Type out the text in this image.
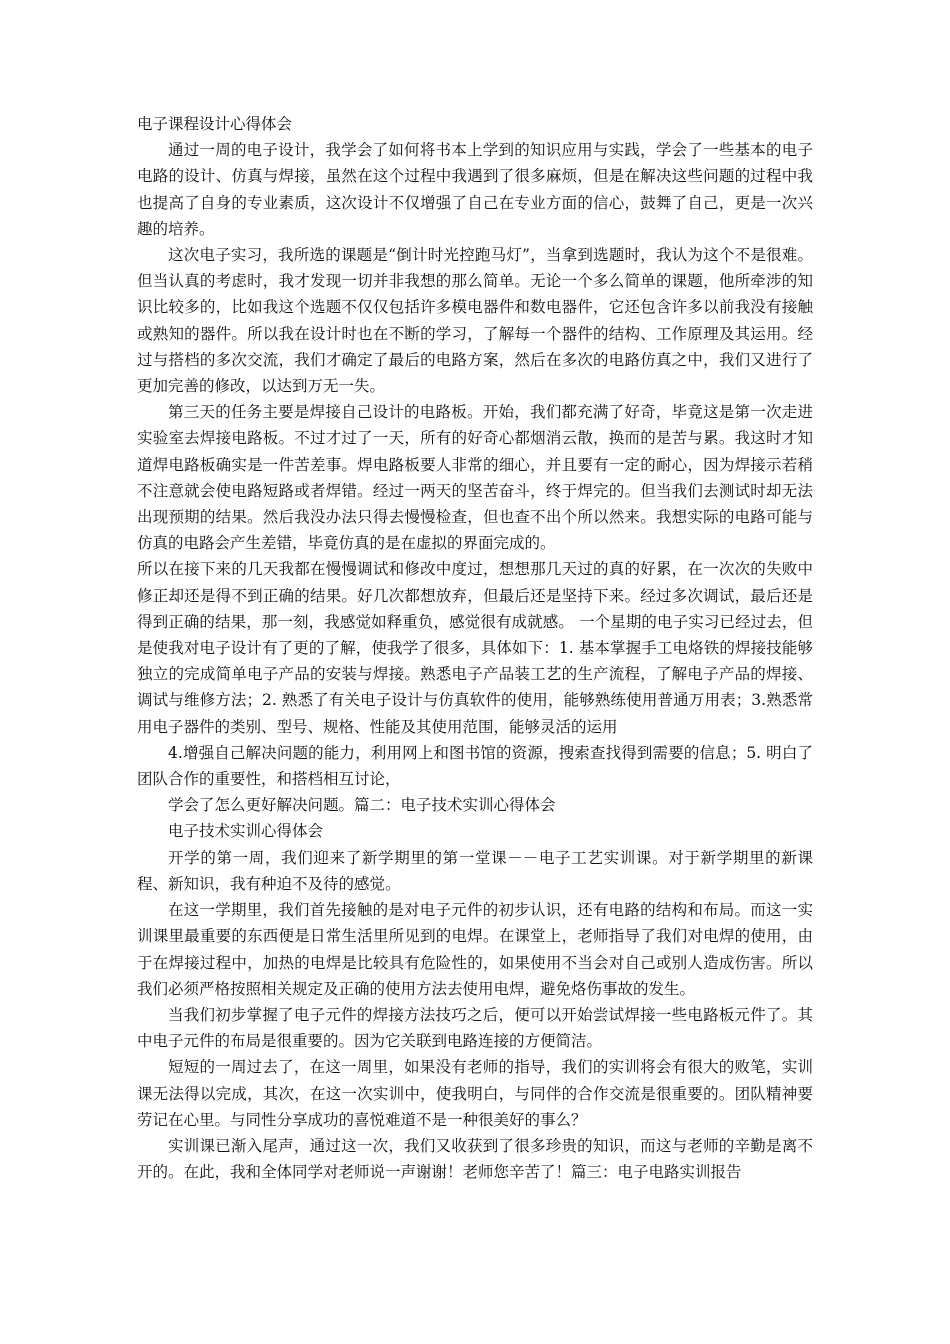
电子课程设计心得体会

通过一周的电子设计，我学会了如何将书本上学到的知识应用与实践，学会了一些基本的电子电路的设计、仿真与焊接，虽然在这个过程中我遇到了很多麻烦，但是在解决这些问题的过程中我也提高了自身的专业素质，这次设计不仅增强了自己在专业方面的信心，鼓舞了自己，更是一次兴趣的培养。

这次电子实习，我所选的课题是“倒计时光控跑马灯”，当拿到选题时，我认为这个不是很难。但当认真的考虑时，我才发现一切并非我想的那么简单。无论一个多么简单的课题，他所牵涉的知识比较多的，比如我这个选题不仅仅包括许多模电器件和数电器件，它还包含许多以前我没有接触或熟知的器件。所以我在设计时也在不断的学习，了解每一个器件的结构、工作原理及其运用。经过与搭档的多次交流，我们才确定了最后的电路方案，然后在多次的电路仿真之中，我们又进行了更加完善的修改，以达到万无一失。

第三天的任务主要是焊接自己设计的电路板。开始，我们都充满了好奇，毕竟这是第一次走进实验室去焊接电路板。不过才过了一天，所有的好奇心都烟消云散，换而的是苦与累。我这时才知道焊电路板确实是一件苦差事。焊电路板要人非常的细心，并且要有一定的耐心，因为焊接示若稍不注意就会使电路短路或者焊错。经过一两天的坚苦奋斗，终于焊完的。但当我们去测试时却无法出现预期的结果。然后我没办法只得去慢慢检查，但也查不出个所以然来。我想实际的电路可能与仿真的电路会产生差错，毕竟仿真的是在虚拟的界面完成的。

所以在接下来的几天我都在慢慢调试和修改中度过，想想那几天过的真的好累，在一次次的失败中修正却还是得不到正确的结果。好几次都想放弃，但最后还是坚持下来。经过多次调试，最后还是得到正确的结果，那一刻，我感觉如释重负，感觉很有成就感。 一个星期的电子实习已经过去，但是使我对电子设计有了更的了解，使我学了很多，具体如下：1. 基本掌握手工电烙铁的焊接技能够独立的完成简单电子产品的安装与焊接。熟悉电子产品装工艺的生产流程，了解电子产品的焊接、调试与维修方法；2. 熟悉了有关电子设计与仿真软件的使用，能够熟练使用普通万用表；3.熟悉常用电子器件的类别、型号、规格、性能及其使用范围，能够灵活的运用

4.增强自己解决问题的能力，利用网上和图书馆的资源，搜索查找得到需要的信息；5. 明白了团队合作的重要性，和搭档相互讨论，

学会了怎么更好解决问题。篇二：电子技术实训心得体会

电子技术实训心得体会

开学的第一周，我们迎来了新学期里的第一堂课－－电子工艺实训课。对于新学期里的新课程、新知识，我有种迫不及待的感觉。

在这一学期里，我们首先接触的是对电子元件的初步认识，还有电路的结构和布局。而这一实训课里最重要的东西便是日常生活里所见到的电焊。在课堂上，老师指导了我们对电焊的使用，由于在焊接过程中，加热的电焊是比较具有危险性的，如果使用不当会对自己或别人造成伤害。所以我们必须严格按照相关规定及正确的使用方法去使用电焊，避免烙伤事故的发生。

当我们初步掌握了电子元件的焊接方法技巧之后，便可以开始尝试焊接一些电路板元件了。其中电子元件的布局是很重要的。因为它关联到电路连接的方便简洁。

短短的一周过去了，在这一周里，如果没有老师的指导，我们的实训将会有很大的败笔，实训课无法得以完成，其次，在这一次实训中，使我明白，与同伴的合作交流是很重要的。团队精神要劳记在心里。与同性分享成功的喜悦难道不是一种很美好的事么？

实训课已渐入尾声，通过这一次，我们又收获到了很多珍贵的知识，而这与老师的辛勤是离不开的。在此，我和全体同学对老师说一声谢谢！老师您辛苦了！篇三：电子电路实训报告
